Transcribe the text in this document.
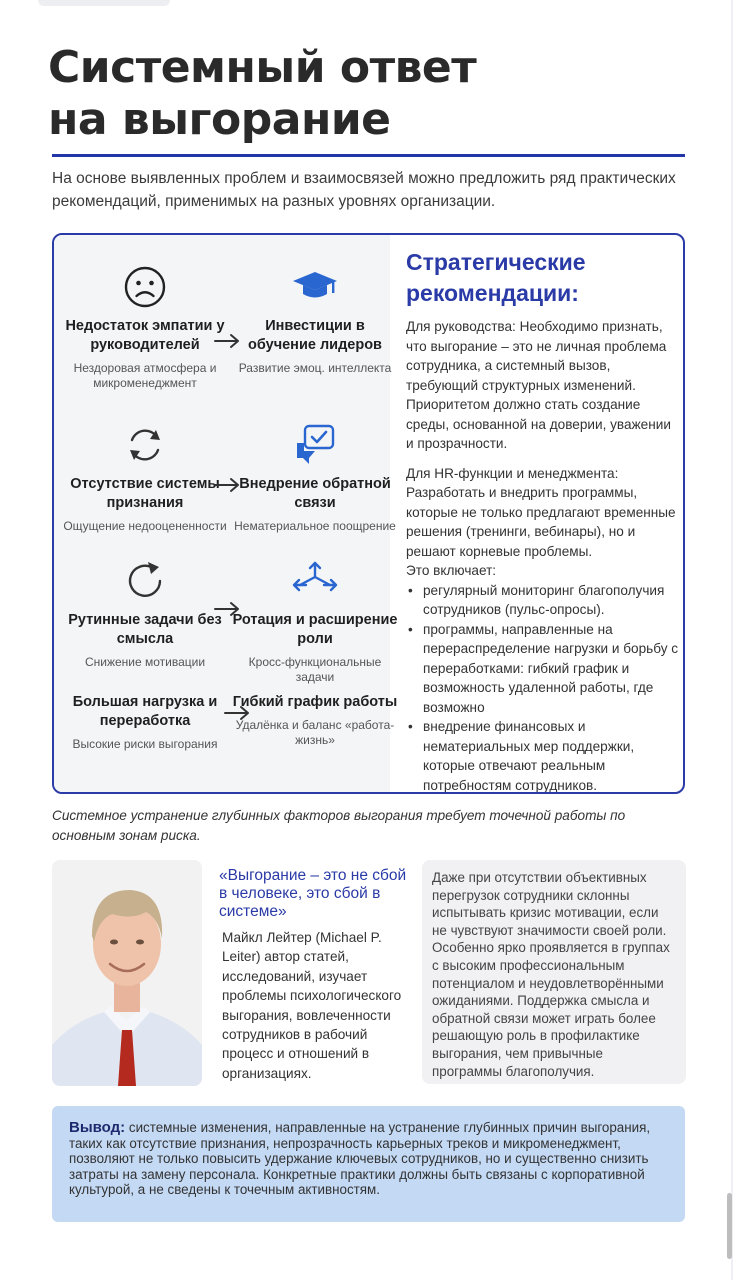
Системный ответ
на выгорание

На основе выявленных проблем и взаимосвязей можно предложить ряд практических рекомендаций, применимых на разных уровнях организации.

Недостаток эмпатии у руководителей
Нездоровая атмосфера и микроменеджмент
Инвестиции в обучение лидеров
Развитие эмоц. интеллекта
Отсутствие системы признания
Ощущение недооцененности
Внедрение обратной связи
Нематериальное поощрение
Рутинные задачи без смысла
Снижение мотивации
Ротация и расширение роли
Кросс-функциональные задачи
Большая нагрузка и переработка
Высокие риски выгорания
Гибкий график работы
Удалёнка и баланс «работа-жизнь»
Стратегические рекомендации:

Для руководства: Необходимо признать, что выгорание – это не личная проблема сотрудника, а системный вызов, требующий структурных изменений. Приоритетом должно стать создание среды, основанной на доверии, уважении и прозрачности.

Для HR-функции и менеджмента:

Разработать и внедрить программы, которые не только предлагают временные решения (тренинги, вебинары), но и решают корневые проблемы.

Это включает:

• регулярный мониторинг благополучия сотрудников (пульс-опросы).
• программы, направленные на перераспределение нагрузки и борьбу с переработками: гибкий график и возможность удаленной работы, где возможно
• внедрение финансовых и нематериальных мер поддержки, которые отвечают реальным потребностям сотрудников.

Системное устранение глубинных факторов выгорания требует точечной работы по основным зонам риска.

«Выгорание – это не сбой в человеке, это сбой в системе»

Майкл Лейтер (Michael P. Leiter) автор статей, исследований, изучает проблемы психологического выгорания, вовлеченности сотрудников в рабочий процесс и отношений в организациях.

Даже при отсутствии объективных перегрузок сотрудники склонны испытывать кризис мотивации, если не чувствуют значимости своей роли. Особенно ярко проявляется в группах с высоким профессиональным потенциалом и неудовлетворёнными ожиданиями. Поддержка смысла и обратной связи может играть более решающую роль в профилактике выгорания, чем привычные программы благополучия.

Вывод: системные изменения, направленные на устранение глубинных причин выгорания, таких как отсутствие признания, непрозрачность карьерных треков и микроменеджмент, позволяют не только повысить удержание ключевых сотрудников, но и существенно снизить затраты на замену персонала. Конкретные практики должны быть связаны с корпоративной культурой, а не сведены к точечным активностям.
